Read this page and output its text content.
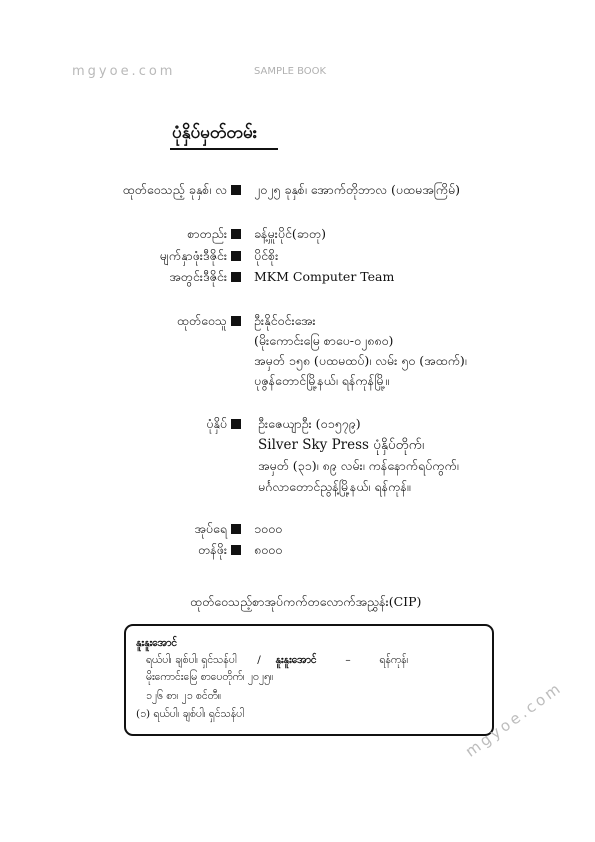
mgyoe.com	SAMPLE BOOK
ပုံနှိပ်မှတ်တမ်း
ထုတ်ဝေသည့် ခုနှစ်၊ လ ၂၀၂၅ ခုနှစ်၊ အောက်တိုဘာလ (ပထမအကြိမ်)
စာတည်း ခန့်မှူးပိုင်(ခာတု)
မျက်နှာဖုံးဒီဇိုင်း ပိုင်စိုး
အတွင်းဒီဇိုင်း MKM Computer Team
ထုတ်ဝေသူ ဦးနိုင်ဝင်းအေး
(မိုးကောင်းမြေ စာပေ-၀၂၈၈၀)
အမှတ် ၁၅၈ (ပထမထပ်)၊ လမ်း ၅၀ (အထက်)၊
ပုဇွန်တောင်မြို့နယ်၊ ရန်ကုန်မြို့။
ပုံနှိပ် ဦးဇေယျာဦး (၀၁၅၇၉)
Silver Sky Press ပုံနှိပ်တိုက်၊
အမှတ် (၃၁)၊ ၈၉ လမ်း၊ ကန်နောက်ရပ်ကွက်၊
မင်္ဂလာတောင်ညွန့်မြို့နယ်၊ ရန်ကုန်။
အုပ်ရေ ၁၀၀၀
တန်ဖိုး ၈၀၀၀
ထုတ်ဝေသည့်စာအုပ်ကက်တလောက်အညွှန်း(CIP)
နူးနူးအောင်
ရယ်ပါ၊ ချစ်ပါ၊ ရှင်သန်ပါ / နူးနူးအောင်	–	ရန်ကုန်၊
မိုးကောင်းမြေ စာပေတိုက်၊ ၂၀၂၅။
၁၂၆ စာ၊ ၂၁ စင်တီ။
(၁) ရယ်ပါ၊ ချစ်ပါ၊ ရှင်သန်ပါ	mgyoe.com
